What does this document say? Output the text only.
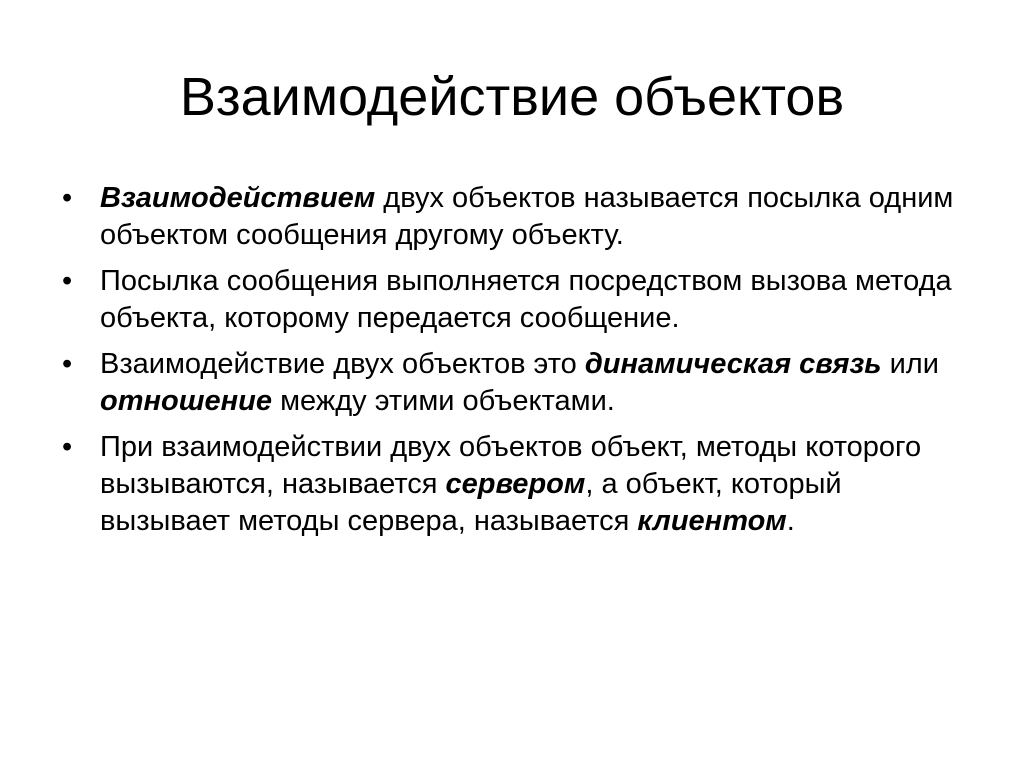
Взаимодействие объектов
• Взаимодействием двух объектов называется посылка одним объектом сообщения другому объекту.
• Посылка сообщения выполняется посредством вызова метода объекта, которому передается сообщение.
• Взаимодействие двух объектов это динамическая связь или отношение между этими объектами.
• При взаимодействии двух объектов объект, методы которого вызываются, называется сервером, а объект, который вызывает методы сервера, называется клиентом.
